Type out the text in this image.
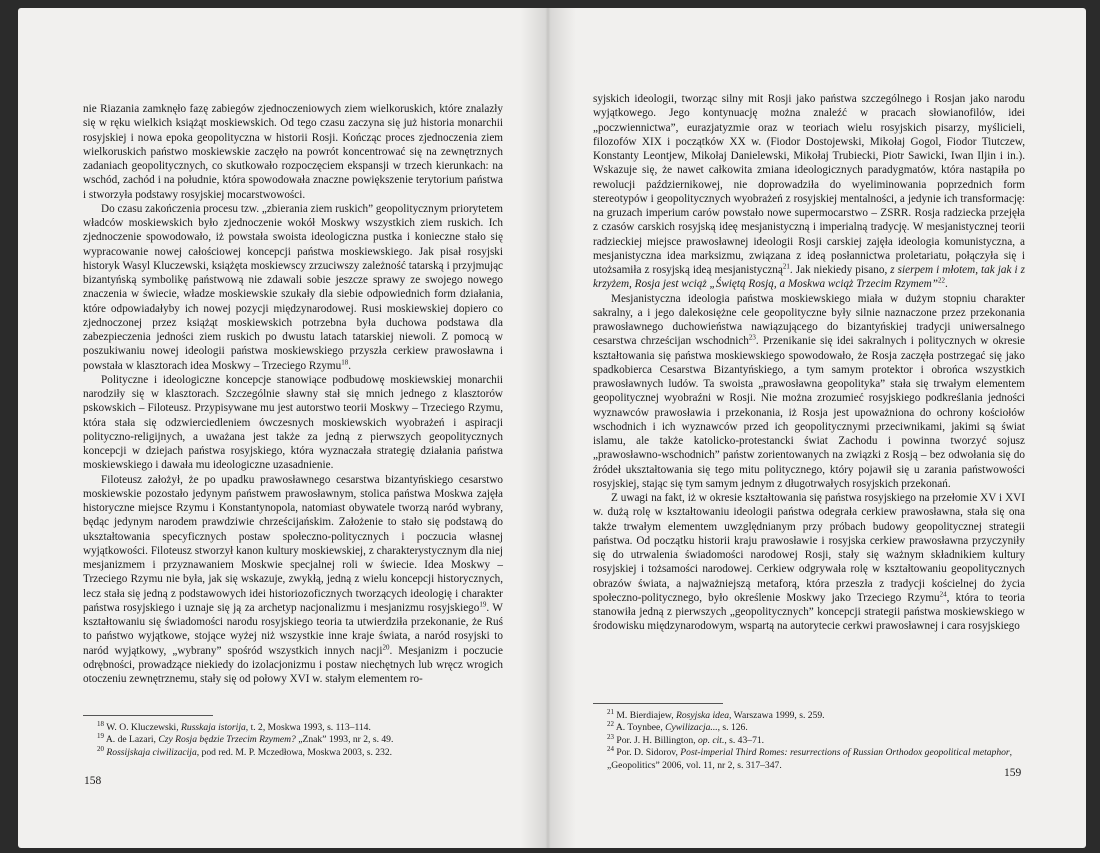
nie Riazania zamknęło fazę zabiegów zjednoczeniowych ziem wielkoruskich, które znalazły się w ręku wielkich książąt moskiewskich. Od tego czasu zaczyna się już historia monarchii rosyjskiej i nowa epoka geopolityczna w historii Rosji. Kończąc proces zjednoczenia ziem wielkoruskich państwo moskiewskie zaczęło na powrót koncentrować się na zewnętrznych zadaniach geopolitycznych, co skutkowało rozpoczęciem ekspansji w trzech kierunkach: na wschód, zachód i na południe, która spowodowała znaczne powiększenie terytorium państwa i stworzyła podstawy rosyjskiej mocarstwowości.

Do czasu zakończenia procesu tzw. „zbierania ziem ruskich” geopolitycznym priorytetem władców moskiewskich było zjednoczenie wokół Moskwy wszystkich ziem ruskich. Ich zjednoczenie spowodowało, iż powstała swoista ideologiczna pustka i konieczne stało się wypracowanie nowej całościowej koncepcji państwa moskiewskiego. Jak pisał rosyjski historyk Wasyl Kluczewski, książęta moskiewscy zrzuciwszy zależność tatarską i przyjmując bizantyńską symbolikę państwową nie zdawali sobie jeszcze sprawy ze swojego nowego znaczenia w świecie, władze moskiewskie szukały dla siebie odpowiednich form działania, które odpowiadałyby ich nowej pozycji międzynarodowej. Rusi moskiewskiej dopiero co zjednoczonej przez książąt moskiewskich potrzebna była duchowa podstawa dla zabezpieczenia jedności ziem ruskich po dwustu latach tatarskiej niewoli. Z pomocą w poszukiwaniu nowej ideologii państwa moskiewskiego przyszła cerkiew prawosławna i powstała w klasztorach idea Moskwy – Trzeciego Rzymu$^{18}$.

Polityczne i ideologiczne koncepcje stanowiące podbudowę moskiewskiej monarchii narodziły się w klasztorach. Szczególnie sławny stał się mnich jednego z klasztorów pskowskich – Filoteusz. Przypisywane mu jest autorstwo teorii Moskwy – Trzeciego Rzymu, która stała się odzwierciedleniem ówczesnych moskiewskich wyobrażeń i aspiracji polityczno-religijnych, a uważana jest także za jedną z pierwszych geopolitycznych koncepcji w dziejach państwa rosyjskiego, która wyznaczała strategię działania państwa moskiewskiego i dawała mu ideologiczne uzasadnienie.

Filoteusz założył, że po upadku prawosławnego cesarstwa bizantyńskiego cesarstwo moskiewskie pozostało jedynym państwem prawosławnym, stolica państwa Moskwa zajęła historyczne miejsce Rzymu i Konstantynopola, natomiast obywatele tworzą naród wybrany, będąc jedynym narodem prawdziwie chrześcijańskim. Założenie to stało się podstawą do ukształtowania specyficznych postaw społeczno-politycznych i poczucia własnej wyjątkowości. Filoteusz stworzył kanon kultury moskiewskiej, z charakterystycznym dla niej mesjanizmem i przyznawaniem Moskwie specjalnej roli w świecie. Idea Moskwy – Trzeciego Rzymu nie była, jak się wskazuje, zwykłą, jedną z wielu koncepcji historycznych, lecz stała się jedną z podstawowych idei historiozoficznych tworzących ideologię i charakter państwa rosyjskiego i uznaje się ją za archetyp nacjonalizmu i mesjanizmu rosyjskiego$^{19}$. W kształtowaniu się świadomości narodu rosyjskiego teoria ta utwierdziła przekonanie, że Ruś to państwo wyjątkowe, stojące wyżej niż wszystkie inne kraje świata, a naród rosyjski to naród wyjątkowy, „wybrany” spośród wszystkich innych nacji$^{20}$. Mesjanizm i poczucie odrębności, prowadzące niekiedy do izolacjonizmu i postaw niechętnych lub wręcz wrogich otoczeniu zewnętrznemu, stały się od połowy XVI w. stałym elementem ro-

$^{18}$ W. O. Kluczewski, Russkaja istorija, t. 2, Moskwa 1993, s. 113–114.
$^{19}$ A. de Lazari, Czy Rosja będzie Trzecim Rzymem? „Znak” 1993, nr 2, s. 49.
$^{20}$ Rossijskaja ciwilizacija, pod red. M. P. Mczedłowa, Moskwa 2003, s. 232.
158

syjskich ideologii, tworząc silny mit Rosji jako państwa szczególnego i Rosjan jako narodu wyjątkowego. Jego kontynuację można znaleźć w pracach słowianofilów, idei „poczwiennictwa”, eurazjatyzmie oraz w teoriach wielu rosyjskich pisarzy, myślicieli, filozofów XIX i początków XX w. (Fiodor Dostojewski, Mikołaj Gogol, Fiodor Tiutczew, Konstanty Leontjew, Mikołaj Danielewski, Mikołaj Trubiecki, Piotr Sawicki, Iwan Iljin i in.). Wskazuje się, że nawet całkowita zmiana ideologicznych paradygmatów, która nastąpiła po rewolucji październikowej, nie doprowadziła do wyeliminowania poprzednich form stereotypów i geopolitycznych wyobrażeń z rosyjskiej mentalności, a jedynie ich transformację: na gruzach imperium carów powstało nowe supermocarstwo – ZSRR. Rosja radziecka przejęła z czasów carskich rosyjską ideę mesjanistyczną i imperialną tradycję. W mesjanistycznej teorii radzieckiej miejsce prawosławnej ideologii Rosji carskiej zajęła ideologia komunistyczna, a mesjanistyczna idea marksizmu, związana z ideą posłannictwa proletariatu, połączyła się i utożsamiła z rosyjską ideą mesjanistyczną$^{21}$. Jak niekiedy pisano, z sierpem i młotem, tak jak i z krzyżem, Rosja jest wciąż „Świętą Rosją, a Moskwa wciąż Trzecim Rzymem”$^{22}$.

Mesjanistyczna ideologia państwa moskiewskiego miała w dużym stopniu charakter sakralny, a i jego dalekosiężne cele geopolityczne były silnie naznaczone przez przekonania prawosławnego duchowieństwa nawiązującego do bizantyńskiej tradycji uniwersalnego cesarstwa chrześcijan wschodnich$^{23}$. Przenikanie się idei sakralnych i politycznych w okresie kształtowania się państwa moskiewskiego spowodowało, że Rosja zaczęła postrzegać się jako spadkobierca Cesarstwa Bizantyńskiego, a tym samym protektor i obrońca wszystkich prawosławnych ludów. Ta swoista „prawosławna geopolityka” stała się trwałym elementem geopolitycznej wyobraźni w Rosji. Nie można zrozumieć rosyjskiego podkreślania jedności wyznawców prawosławia i przekonania, iż Rosja jest upoważniona do ochrony kościołów wschodnich i ich wyznawców przed ich geopolitycznymi przeciwnikami, jakimi są świat islamu, ale także katolicko-protestancki świat Zachodu i powinna tworzyć sojusz „prawosławno-wschodnich” państw zorientowanych na związki z Rosją – bez odwołania się do źródeł ukształtowania się tego mitu politycznego, który pojawił się u zarania państwowości rosyjskiej, stając się tym samym jednym z długotrwałych rosyjskich przekonań.

Z uwagi na fakt, iż w okresie kształtowania się państwa rosyjskiego na przełomie XV i XVI w. dużą rolę w kształtowaniu ideologii państwa odegrała cerkiew prawosławna, stała się ona także trwałym elementem uwzględnianym przy próbach budowy geopolitycznej strategii państwa. Od początku historii kraju prawosławie i rosyjska cerkiew prawosławna przyczyniły się do utrwalenia świadomości narodowej Rosji, stały się ważnym składnikiem kultury rosyjskiej i tożsamości narodowej. Cerkiew odgrywała rolę w kształtowaniu geopolitycznych obrazów świata, a najważniejszą metaforą, która przeszła z tradycji kościelnej do życia społeczno-politycznego, było określenie Moskwy jako Trzeciego Rzymu$^{24}$, która to teoria stanowiła jedną z pierwszych „geopolitycznych” koncepcji strategii państwa moskiewskiego w środowisku międzynarodowym, wspartą na autorytecie cerkwi prawosławnej i cara rosyjskiego

$^{21}$ M. Bierdiajew, Rosyjska idea, Warszawa 1999, s. 259.
$^{22}$ A. Toynbee, Cywilizacja..., s. 126.
$^{23}$ Por. J. H. Billington, op. cit., s. 43–71.
$^{24}$ Por. D. Sidorov, Post-imperial Third Romes: resurrections of Russian Orthodox geopolitical metaphor, „Geopolitics” 2006, vol. 11, nr 2, s. 317–347.
159
